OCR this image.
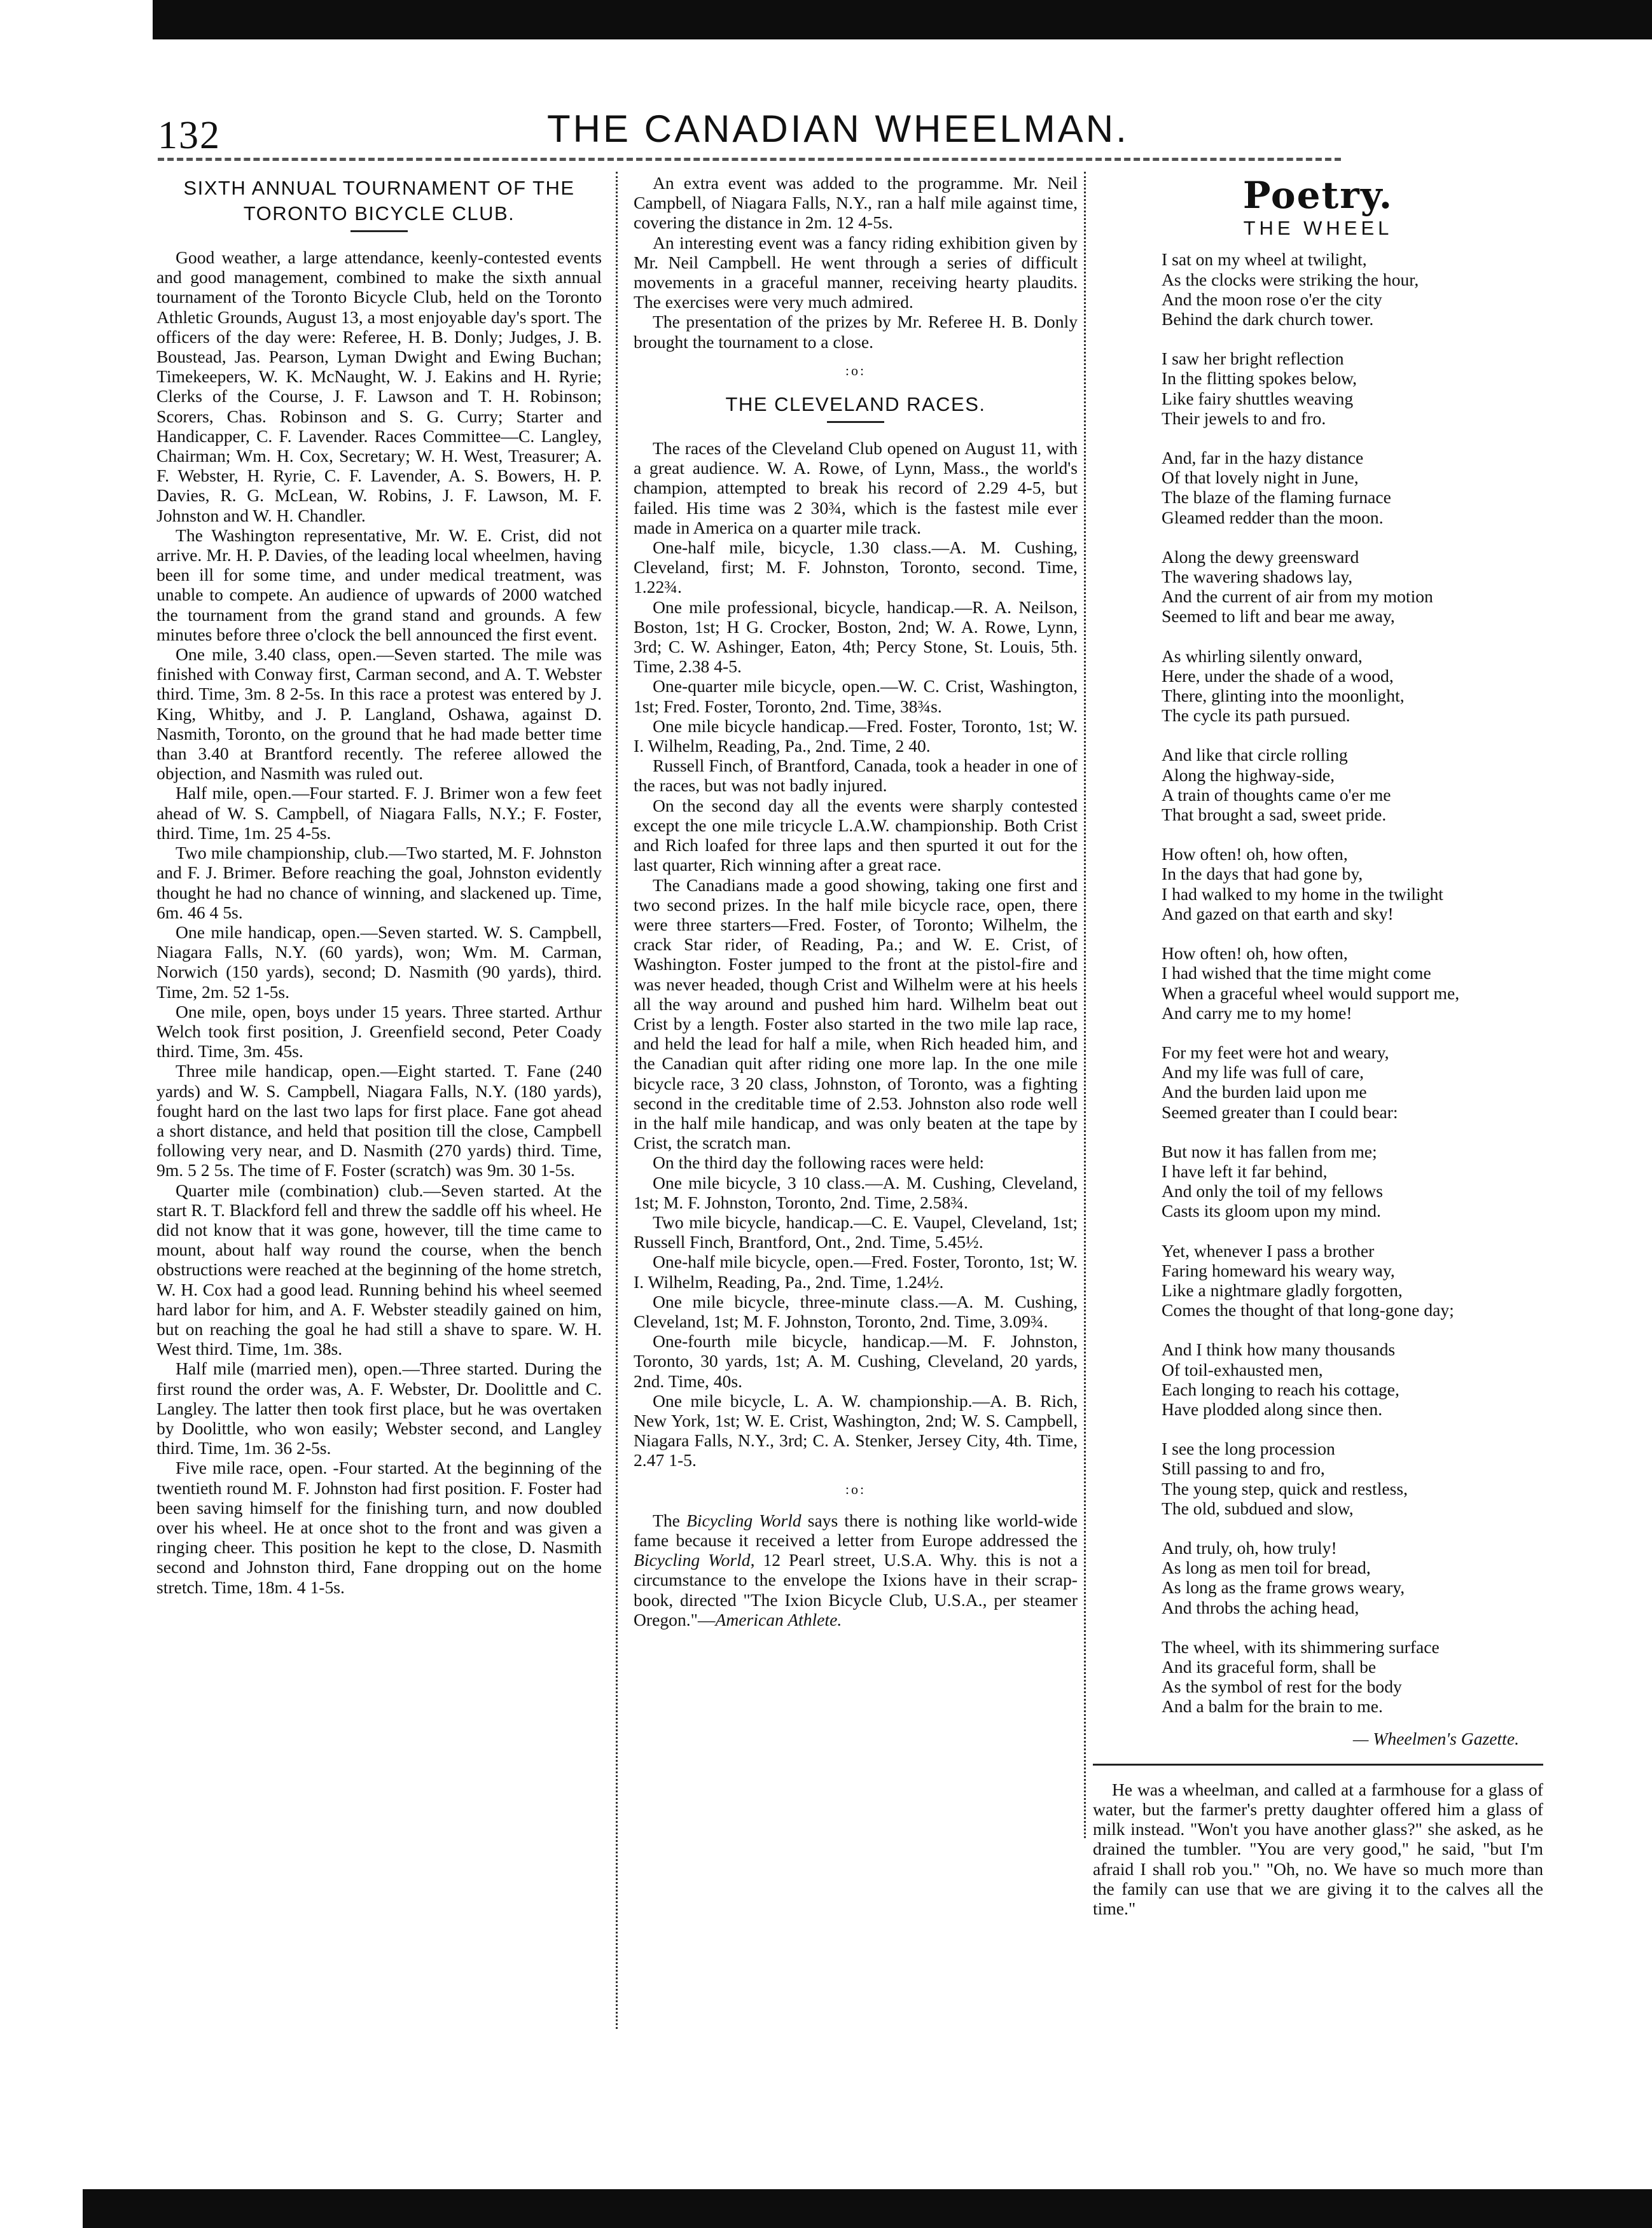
132	THE CANADIAN WHEELMAN.
SIXTH ANNUAL TOURNAMENT OF THE TORONTO BICYCLE CLUB.

Good weather, a large attendance, keenly-contested events and good management, combined to make the sixth annual tournament of the Toronto Bicycle Club, held on the Toronto Athletic Grounds, August 13, a most enjoyable day's sport. The officers of the day were: Referee, H. B. Donly; Judges, J. B. Boustead, Jas. Pearson, Lyman Dwight and Ewing Buchan; Timekeepers, W. K. McNaught, W. J. Eakins and H. Ryrie; Clerks of the Course, J. F. Lawson and T. H. Robinson; Scorers, Chas. Robinson and S. G. Curry; Starter and Handicapper, C. F. Lavender. Races Committee—C. Langley, Chairman; Wm. H. Cox, Secretary; W. H. West, Treasurer; A. F. Webster, H. Ryrie, C. F. Lavender, A. S. Bowers, H. P. Davies, R. G. McLean, W. Robins, J. F. Lawson, M. F. Johnston and W. H. Chandler.

The Washington representative, Mr. W. E. Crist, did not arrive. Mr. H. P. Davies, of the leading local wheelmen, having been ill for some time, and under medical treatment, was unable to compete. An audience of upwards of 2000 watched the tournament from the grand stand and grounds. A few minutes before three o'clock the bell announced the first event.

One mile, 3.40 class, open.—Seven started. The mile was finished with Conway first, Carman second, and A. T. Webster third. Time, 3m. 8 2-5s. In this race a protest was entered by J. King, Whitby, and J. P. Langland, Oshawa, against D. Nasmith, Toronto, on the ground that he had made better time than 3.40 at Brantford recently. The referee allowed the objection, and Nasmith was ruled out.

Half mile, open.—Four started. F. J. Brimer won a few feet ahead of W. S. Campbell, of Niagara Falls, N.Y.; F. Foster, third. Time, 1m. 25 4-5s.

Two mile championship, club.—Two started, M. F. Johnston and F. J. Brimer. Before reaching the goal, Johnston evidently thought he had no chance of winning, and slackened up. Time, 6m. 46 4 5s.

One mile handicap, open.—Seven started. W. S. Campbell, Niagara Falls, N.Y. (60 yards), won; Wm. M. Carman, Norwich (150 yards), second; D. Nasmith (90 yards), third. Time, 2m. 52 1-5s.

One mile, open, boys under 15 years. Three started. Arthur Welch took first position, J. Greenfield second, Peter Coady third. Time, 3m. 45s.

Three mile handicap, open.—Eight started. T. Fane (240 yards) and W. S. Campbell, Niagara Falls, N.Y. (180 yards), fought hard on the last two laps for first place. Fane got ahead a short distance, and held that position till the close, Campbell following very near, and D. Nasmith (270 yards) third. Time, 9m. 5 2 5s. The time of F. Foster (scratch) was 9m. 30 1-5s.

Quarter mile (combination) club.—Seven started. At the start R. T. Blackford fell and threw the saddle off his wheel. He did not know that it was gone, however, till the time came to mount, about half way round the course, when the bench obstructions were reached at the beginning of the home stretch, W. H. Cox had a good lead. Running behind his wheel seemed hard labor for him, and A. F. Webster steadily gained on him, but on reaching the goal he had still a shave to spare. W. H. West third. Time, 1m. 38s.

Half mile (married men), open.—Three started. During the first round the order was, A. F. Webster, Dr. Doolittle and C. Langley. The latter then took first place, but he was overtaken by Doolittle, who won easily; Webster second, and Langley third. Time, 1m. 36 2-5s.

Five mile race, open. -Four started. At the beginning of the twentieth round M. F. Johnston had first position. F. Foster had been saving himself for the finishing turn, and now doubled over his wheel. He at once shot to the front and was given a ringing cheer. This position he kept to the close, D. Nasmith second and Johnston third, Fane dropping out on the home stretch. Time, 18m. 4 1-5s.

An extra event was added to the programme. Mr. Neil Campbell, of Niagara Falls, N.Y., ran a half mile against time, covering the distance in 2m. 12 4-5s.

An interesting event was a fancy riding exhibition given by Mr. Neil Campbell. He went through a series of difficult movements in a graceful manner, receiving hearty plaudits. The exercises were very much admired.

The presentation of the prizes by Mr. Referee H. B. Donly brought the tournament to a close.

:o:
THE CLEVELAND RACES.

The races of the Cleveland Club opened on August 11, with a great audience. W. A. Rowe, of Lynn, Mass., the world's champion, attempted to break his record of 2.29 4-5, but failed. His time was 2 30¾, which is the fastest mile ever made in America on a quarter mile track.

One-half mile, bicycle, 1.30 class.—A. M. Cushing, Cleveland, first; M. F. Johnston, Toronto, second. Time, 1.22¾.

One mile professional, bicycle, handicap.—R. A. Neilson, Boston, 1st; H G. Crocker, Boston, 2nd; W. A. Rowe, Lynn, 3rd; C. W. Ashinger, Eaton, 4th; Percy Stone, St. Louis, 5th. Time, 2.38 4-5.

One-quarter mile bicycle, open.—W. C. Crist, Washington, 1st; Fred. Foster, Toronto, 2nd. Time, 38¾s.

One mile bicycle handicap.—Fred. Foster, Toronto, 1st; W. I. Wilhelm, Reading, Pa., 2nd. Time, 2 40.

Russell Finch, of Brantford, Canada, took a header in one of the races, but was not badly injured.

On the second day all the events were sharply contested except the one mile tricycle L.A.W. championship. Both Crist and Rich loafed for three laps and then spurted it out for the last quarter, Rich winning after a great race.

The Canadians made a good showing, taking one first and two second prizes. In the half mile bicycle race, open, there were three starters—Fred. Foster, of Toronto; Wilhelm, the crack Star rider, of Reading, Pa.; and W. E. Crist, of Washington. Foster jumped to the front at the pistol-fire and was never headed, though Crist and Wilhelm were at his heels all the way around and pushed him hard. Wilhelm beat out Crist by a length. Foster also started in the two mile lap race, and held the lead for half a mile, when Rich headed him, and the Canadian quit after riding one more lap. In the one mile bicycle race, 3 20 class, Johnston, of Toronto, was a fighting second in the creditable time of 2.53. Johnston also rode well in the half mile handicap, and was only beaten at the tape by Crist, the scratch man.

On the third day the following races were held:

One mile bicycle, 3 10 class.—A. M. Cushing, Cleveland, 1st; M. F. Johnston, Toronto, 2nd. Time, 2.58¾.

Two mile bicycle, handicap.—C. E. Vaupel, Cleveland, 1st; Russell Finch, Brantford, Ont., 2nd. Time, 5.45½.

One-half mile bicycle, open.—Fred. Foster, Toronto, 1st; W. I. Wilhelm, Reading, Pa., 2nd. Time, 1.24½.

One mile bicycle, three-minute class.—A. M. Cushing, Cleveland, 1st; M. F. Johnston, Toronto, 2nd. Time, 3.09¾.

One-fourth mile bicycle, handicap.—M. F. Johnston, Toronto, 30 yards, 1st; A. M. Cushing, Cleveland, 20 yards, 2nd. Time, 40s.

One mile bicycle, L. A. W. championship.—A. B. Rich, New York, 1st; W. E. Crist, Washington, 2nd; W. S. Campbell, Niagara Falls, N.Y., 3rd; C. A. Stenker, Jersey City, 4th. Time, 2.47 1-5.

:o:

The Bicycling World says there is nothing like world-wide fame because it received a letter from Europe addressed the Bicycling World, 12 Pearl street, U.S.A. Why. this is not a circumstance to the envelope the Ixions have in their scrap-book, directed "The Ixion Bicycle Club, U.S.A., per steamer Oregon."—American Athlete.

Poetry.
THE WHEEL
I sat on my wheel at twilight,
As the clocks were striking the hour,
And the moon rose o'er the city
Behind the dark church tower.
I saw her bright reflection
In the flitting spokes below,
Like fairy shuttles weaving
Their jewels to and fro.
And, far in the hazy distance
Of that lovely night in June,
The blaze of the flaming furnace
Gleamed redder than the moon.
Along the dewy greensward
The wavering shadows lay,
And the current of air from my motion
Seemed to lift and bear me away,
As whirling silently onward,
Here, under the shade of a wood,
There, glinting into the moonlight,
The cycle its path pursued.
And like that circle rolling
Along the highway-side,
A train of thoughts came o'er me
That brought a sad, sweet pride.
How often! oh, how often,
In the days that had gone by,
I had walked to my home in the twilight
And gazed on that earth and sky!
How often! oh, how often,
I had wished that the time might come
When a graceful wheel would support me,
And carry me to my home!
For my feet were hot and weary,
And my life was full of care,
And the burden laid upon me
Seemed greater than I could bear:
But now it has fallen from me;
I have left it far behind,
And only the toil of my fellows
Casts its gloom upon my mind.
Yet, whenever I pass a brother
Faring homeward his weary way,
Like a nightmare gladly forgotten,
Comes the thought of that long-gone day;
And I think how many thousands
Of toil-exhausted men,
Each longing to reach his cottage,
Have plodded along since then.
I see the long procession
Still passing to and fro,
The young step, quick and restless,
The old, subdued and slow,
And truly, oh, how truly!
As long as men toil for bread,
As long as the frame grows weary,
And throbs the aching head,
The wheel, with its shimmering surface
And its graceful form, shall be
As the symbol of rest for the body
And a balm for the brain to me.
— Wheelmen's Gazette.

He was a wheelman, and called at a farmhouse for a glass of water, but the farmer's pretty daughter offered him a glass of milk instead. "Won't you have another glass?" she asked, as he drained the tumbler. "You are very good," he said, "but I'm afraid I shall rob you." "Oh, no. We have so much more than the family can use that we are giving it to the calves all the time."
